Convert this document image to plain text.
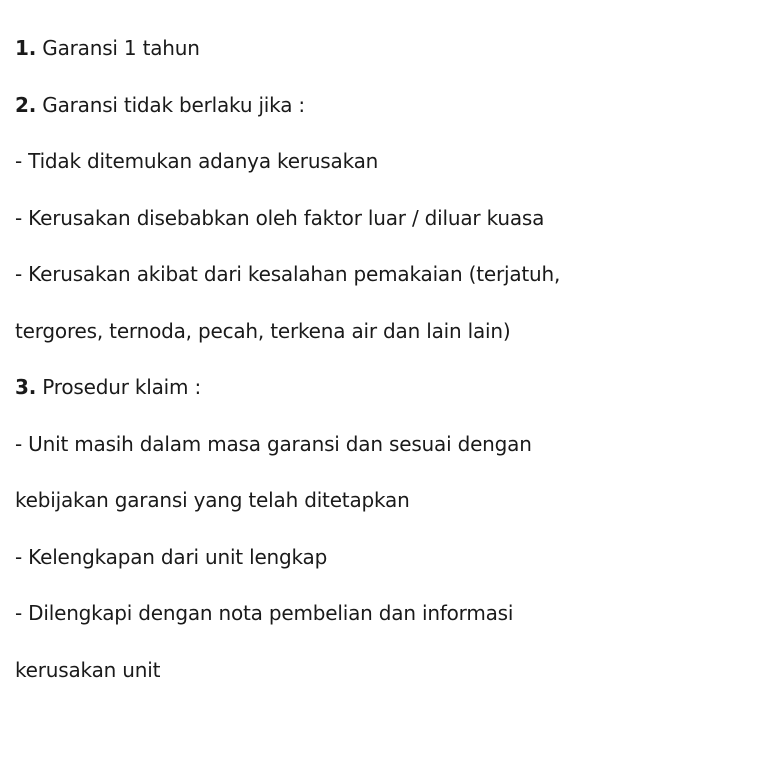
1. Garansi 1 tahun
2. Garansi tidak berlaku jika :
- Tidak ditemukan adanya kerusakan
- Kerusakan disebabkan oleh faktor luar / diluar kuasa
- Kerusakan akibat dari kesalahan pemakaian (terjatuh,
tergores, ternoda, pecah, terkena air dan lain lain)
3. Prosedur klaim :
- Unit masih dalam masa garansi dan sesuai dengan
kebijakan garansi yang telah ditetapkan
- Kelengkapan dari unit lengkap
- Dilengkapi dengan nota pembelian dan informasi
kerusakan unit
